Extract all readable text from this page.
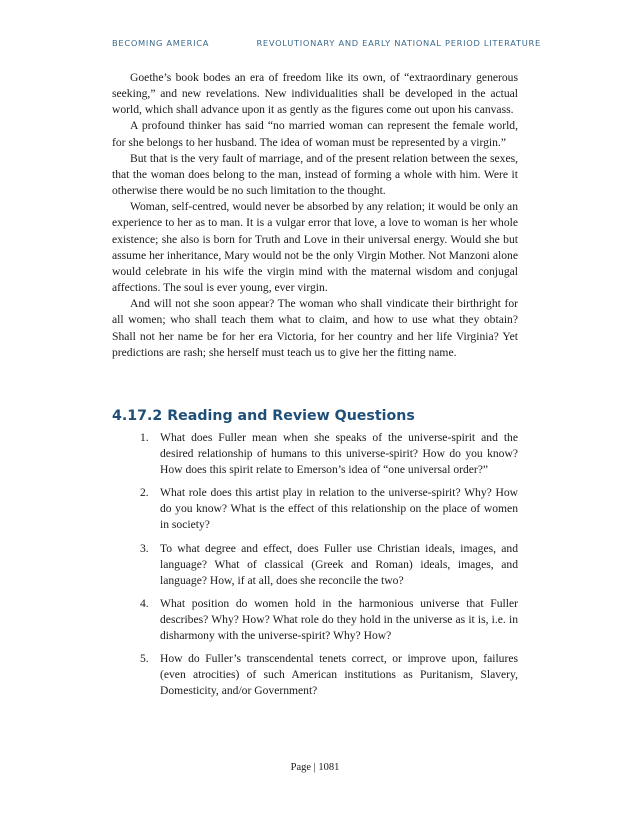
BECOMING AMERICA	REVOLUTIONARY AND EARLY NATIONAL PERIOD LITERATURE

Goethe’s book bodes an era of freedom like its own, of “extraordinary generous seeking,” and new revelations. New individualities shall be developed in the actual world, which shall advance upon it as gently as the figures come out upon his canvass.

A profound thinker has said “no married woman can represent the female world, for she belongs to her husband. The idea of woman must be represented by a virgin.”

But that is the very fault of marriage, and of the present relation between the sexes, that the woman does belong to the man, instead of forming a whole with him. Were it otherwise there would be no such limitation to the thought.

Woman, self-centred, would never be absorbed by any relation; it would be only an experience to her as to man. It is a vulgar error that love, a love to woman is her whole existence; she also is born for Truth and Love in their universal energy. Would she but assume her inheritance, Mary would not be the only Virgin Mother. Not Manzoni alone would celebrate in his wife the virgin mind with the maternal wisdom and conjugal affections. The soul is ever young, ever virgin.

And will not she soon appear? The woman who shall vindicate their birthright for all women; who shall teach them what to claim, and how to use what they obtain? Shall not her name be for her era Victoria, for her country and her life Virginia? Yet predictions are rash; she herself must teach us to give her the fitting name.

4.17.2 Reading and Review Questions
1. What does Fuller mean when she speaks of the universe-spirit and the desired relationship of humans to this universe-spirit? How do you know? How does this spirit relate to Emerson’s idea of “one universal order?”
2. What role does this artist play in relation to the universe-spirit? Why? How do you know? What is the effect of this relationship on the place of women in society?
3. To what degree and effect, does Fuller use Christian ideals, images, and language? What of classical (Greek and Roman) ideals, images, and language? How, if at all, does she reconcile the two?
4. What position do women hold in the harmonious universe that Fuller describes? Why? How? What role do they hold in the universe as it is, i.e. in disharmony with the universe-spirit? Why? How?
5. How do Fuller’s transcendental tenets correct, or improve upon, failures (even atrocities) of such American institutions as Puritanism, Slavery, Domesticity, and/or Government?
Page | 1081
